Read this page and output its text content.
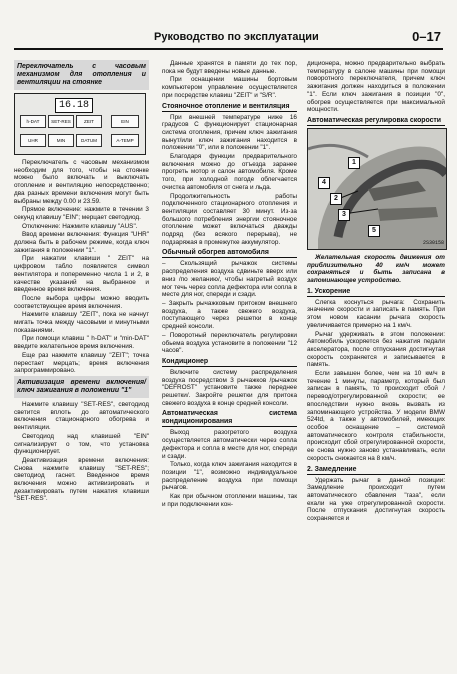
Руководство по эксплуатации	0–17
Переключатель с часовым механизмом для отопления и вентиляции на стоянке
16.18
h-DAT	SET-RES	ZEIT	EIN
UHR	MIN	DATUM	A-TEMP

Переключатель с часовым механизмом необходим для того, чтобы на стоянке можно было включать и выключать отопление и вентиляцию непосредственно; два разных времени включения могут быть выбраны между 0.00 и 23.59.

Прямое включение: нажмите в течении 3 секунд клавишу "EIN"; мерцает светодиод.

Отключение: Нажмите клавишу "AUS".

Ввод времени включения: Функция "UHR" должна быть в рабочем режиме, когда ключ зажигания в положении "1".

При нажатии клавиши " ZEIT" на цифровом табло появляется символ вентилятора и попеременно числа 1 и 2, в качестве указаний на выбранное и введенное время включения.

После выбора цифры можно вводить соответствующее время включения.

Нажмите клавишу "ZEIT", пока не начнут мигать точка между часовыми и минутными показаниями.

При помощи клавиш " h-DAT" и "min-DAT" введите желательное время включения.

Еще раз нажмите клавишу "ZEIT"; точка перестает мерцать; время включения запрограммировано.

Активизация времени включения/ключ зажигания в положении "1"

Нажмите клавишу "SET-RES", светодиод светится вплоть до автоматического включения стационарного обогрева и вентиляции.

Светодиод над клавишей "EIN" сигнализирует о том, что установка функционирует.

Деактивизация времени включения: Снова нажмите клавишу "SET-RES"; светодиод гаснет. Введенное время включения можно активизировать и дезактивировать путем нажатия клавиши "SET-RES".

Данные хранятся в памяти до тех пор, пока не будут введены новые данные.

При оснащении машины бортовым компьютером управление осуществляется при посредстве клавиш "ZEIT" и "S/R".

Стояночное отопление и вентиляция

При внешней температуре ниже 16 градусов С функционирует стационарная система отопления, причем ключ зажигания вынут/или ключ зажигания находится в положении "0", или в положении "1".

Благодаря функции предварительного включения можно до отъезда заранее прогреть мотор и салон автомобиля. Кроме того, при холодной погоде облегчается очистка автомобиля от снега и льда.

Продолжительность работы подключенного стационарного отопления и вентиляции составляет 30 минут. Из-за большого потребления энергии стояночное отопление может включаться дважды подряд (без всякого перерыва), не подзаряжая в промежутке аккумулятор.

Обычный обогрев автомобиля

– Скользящий рычажок системы распределения воздуха сдвиньте вверх или вниз /по желанию/, чтобы нагретый воздух мог течь через сопла дефектора или сопла в месте для ног, спереди и сзади.

– Закрыть рычажковым притоком внешнего воздуха, а также свежего воздуха, поступающего через решетки в конце средней консоли.

– Поворотный переключатель регулировки обьема воздуха установите в положении "12 часов".

Кондиционер

Включите систему распределения воздуха посредством 3 рычажков /рычажок "DEFROST" установите также переднее решетки/. Закройте решетки для притока свежего воздуха в конце средней консоли.

Автоматическая система кондиционирования

Выход разогретого воздуха осуществляется автоматически через сопла дефектора и сопла в месте для ног, спереди и сзади.

Только, когда ключ зажигания находится в позиции "1", возможно индивидуальное распределение воздуха при помощи рычагов.

Как при обычном отоплении машины, так и при подключении кон-

диционера, можно предварительно выбрать температуру в салоне машины при помощи поворотного переключателя, причем ключ зажигания должен находиться в положении "1". Если ключ зажигания в позиции "0", обогрев осуществляется при максимальной мощности.

Автоматическая регулировка скорости
1
2
3
4
5
2S30158

Желательная скорость движения от приблизительно 40 км/ч может сохраняться и быть записана в запоминающее устройство.

1. Ускорение

Слегка коснуться рычага: Сохранить значение скорости и записать в память. При этом новом касании рычага скорость увеличивается примерно на 1 км/ч.

Рычаг удерживать в этом положении: Автомобиль ускоряется без нажатия педали акселератора, после отпускания достигнутая скорость сохраняется и записывается в память.

Если завышен более, чем на 10 км/ч в течение 1 минуты, параметр, который был записан в память, то происходит сбой /перевод/отрегулированной скорости; ее впоследствии нужно вновь вызвать из запоминающего устройства. У модели BMW 524td, а также у автомобилей, имеющих особое оснащение – системой автоматического контроля стабильности, происходит сбой отрегулированной скорости, ее снова нужно заново устанавливать, если скорость снижается на 8 км/ч.

2. Замедление

Удержать рычаг в данной позиции: Замедление происходит путем автоматического сбавления "газа", если ехали на уже отрегулированной скорости. После отпускания достигнутая скорость сохраняется и
